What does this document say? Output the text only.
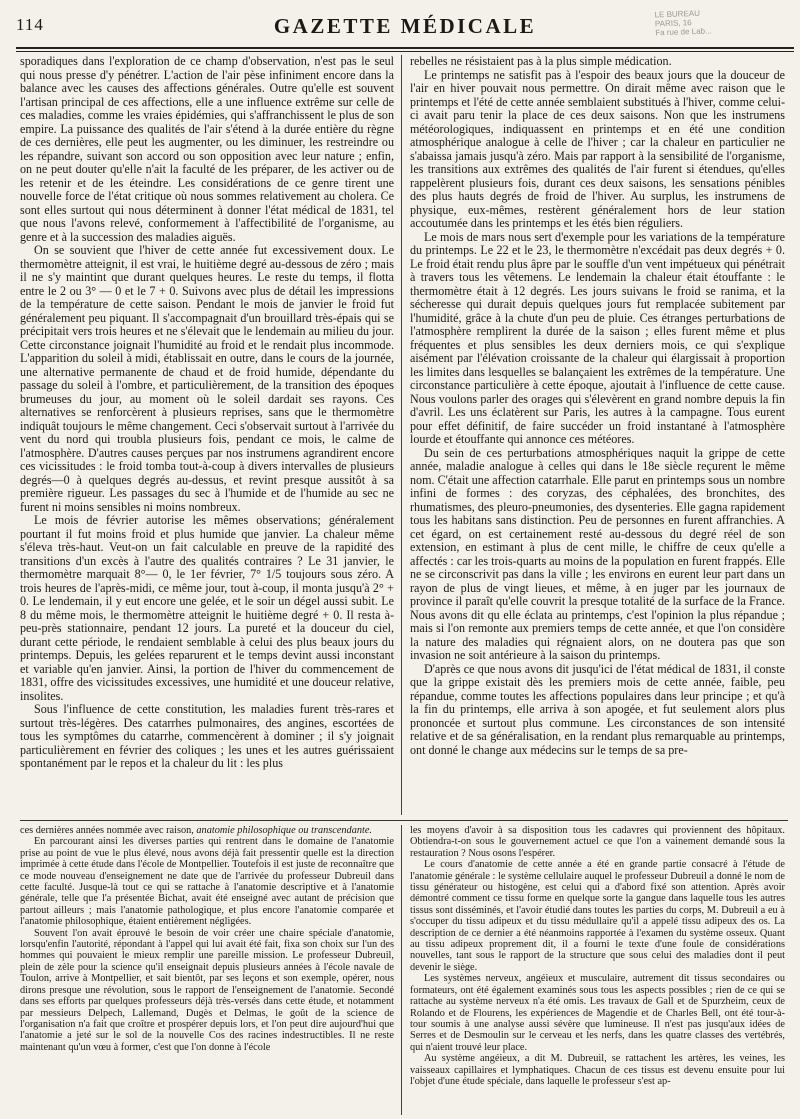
114	GAZETTE MÉDICALE	LE BUREAU
PARIS, 16
Fa rue de Lab...

sporadiques dans l'exploration de ce champ d'observation, n'est pas le seul qui nous presse d'y pénétrer. L'action de l'air pèse infiniment encore dans la balance avec les causes des affections générales. Outre qu'elle est souvent l'artisan principal de ces affections, elle a une influence extrême sur celle de ces maladies, comme les vraies épidémies, qui s'affranchissent le plus de son empire. La puissance des qualités de l'air s'étend à la durée entière du règne de ces dernières, elle peut les augmenter, ou les diminuer, les restreindre ou les répandre, suivant son accord ou son opposition avec leur nature ; enfin, on ne peut douter qu'elle n'ait la faculté de les préparer, de les activer ou de les retenir et de les éteindre. Les considérations de ce genre tirent une nouvelle force de l'état critique où nous sommes relativement au cholera. Ce sont elles surtout qui nous déterminent à donner l'état médical de 1831, tel que nous l'avons relevé, conformement à l'affectibilité de l'organisme, au genre et à la succession des maladies aiguës.

On se souvient que l'hiver de cette année fut excessivement doux. Le thermomètre atteignit, il est vrai, le huitième degré au-dessous de zéro ; mais il ne s'y maintint que durant quelques heures. Le reste du temps, il flotta entre le 2 ou 3° — 0 et le 7 + 0. Suivons avec plus de détail les impressions de la température de cette saison. Pendant le mois de janvier le froid fut généralement peu piquant. Il s'accompagnait d'un brouillard très-épais qui se précipitait vers trois heures et ne s'élevait que le lendemain au milieu du jour. Cette circonstance joignait l'humidité au froid et le rendait plus incommode. L'apparition du soleil à midi, établissait en outre, dans le cours de la journée, une alternative permanente de chaud et de froid humide, dépendante du passage du soleil à l'ombre, et particulièrement, de la transition des époques brumeuses du jour, au moment où le soleil dardait ses rayons. Ces alternatives se renforcèrent à plusieurs reprises, sans que le thermomètre indiquât toujours le même changement. Ceci s'observait surtout à l'arrivée du vent du nord qui troubla plusieurs fois, pendant ce mois, le calme de l'atmosphère. D'autres causes perçues par nos instrumens agrandirent encore ces vicissitudes : le froid tomba tout-à-coup à divers intervalles de plusieurs degrés—0 à quelques degrés au-dessus, et revint presque aussitôt à sa première rigueur. Les passages du sec à l'humide et de l'humide au sec ne furent ni moins sensibles ni moins nombreux.

Le mois de février autorise les mêmes observations; généralement pourtant il fut moins froid et plus humide que janvier. La chaleur même s'éleva très-haut. Veut-on un fait calculable en preuve de la rapidité des transitions d'un excès à l'autre des qualités contraires ? Le 31 janvier, le thermomètre marquait 8°— 0, le 1er février, 7° 1/5 toujours sous zéro. A trois heures de l'après-midi, ce même jour, tout à-coup, il monta jusqu'à 2° + 0. Le lendemain, il y eut encore une gelée, et le soir un dégel aussi subit. Le 8 du même mois, le thermomètre atteignit le huitième degré + 0. Il resta à-peu-près stationnaire, pendant 12 jours. La pureté et la douceur du ciel, durant cette période, le rendaient semblable à celui des plus beaux jours du printemps. Depuis, les gelées reparurent et le temps devint aussi inconstant et variable qu'en janvier. Ainsi, la portion de l'hiver du commencement de 1831, offre des vicissitudes excessives, une humidité et une douceur relative, insolites.

Sous l'influence de cette constitution, les maladies furent très-rares et surtout très-légères. Des catarrhes pulmonaires, des angines, escortées de tous les symptômes du catarrhe, commencèrent à dominer ; il s'y joignait particulièrement en février des coliques ; les unes et les autres guérissaient spontanément par le repos et la chaleur du lit : les plus

rebelles ne résistaient pas à la plus simple médication.

Le printemps ne satisfit pas à l'espoir des beaux jours que la douceur de l'air en hiver pouvait nous permettre. On dirait même avec raison que le printemps et l'été de cette année semblaient substitués à l'hiver, comme celui-ci avait paru tenir la place de ces deux saisons. Non que les instrumens météorologiques, indiquassent en printemps et en été une condition atmosphérique analogue à celle de l'hiver ; car la chaleur en particulier ne s'abaissa jamais jusqu'à zéro. Mais par rapport à la sensibilité de l'organisme, les transitions aux extrêmes des qualités de l'air furent si étendues, qu'elles rappelèrent plusieurs fois, durant ces deux saisons, les sensations pénibles des plus hauts degrés de froid de l'hiver. Au surplus, les instrumens de physique, eux-mêmes, restèrent généralement hors de leur station accoutumée dans les printemps et les étés bien réguliers.

Le mois de mars nous sert d'exemple pour les variations de la température du printemps. Le 22 et le 23, le thermomètre n'excédait pas deux degrés + 0. Le froid était rendu plus âpre par le souffle d'un vent impétueux qui pénétrait à travers tous les vêtemens. Le lendemain la chaleur était étouffante : le thermomètre était à 12 degrés. Les jours suivans le froid se ranima, et la sécheresse qui durait depuis quelques jours fut remplacée subitement par l'humidité, grâce à la chute d'un peu de pluie. Ces étranges perturbations de l'atmosphère remplirent la durée de la saison ; elles furent même et plus fréquentes et plus sensibles les deux derniers mois, ce qui s'explique aisément par l'élévation croissante de la chaleur qui élargissait à proportion les limites dans lesquelles se balançaient les extrêmes de la température. Une circonstance particulière à cette époque, ajoutait à l'influence de cette cause. Nous voulons parler des orages qui s'élevèrent en grand nombre depuis la fin d'avril. Les uns éclatèrent sur Paris, les autres à la campagne. Tous eurent pour effet définitif, de faire succéder un froid instantané à l'atmosphère lourde et étouffante qui annonce ces météores.

Du sein de ces perturbations atmosphériques naquit la grippe de cette année, maladie analogue à celles qui dans le 18e siècle reçurent le même nom. C'était une affection catarrhale. Elle parut en printemps sous un nombre infini de formes : des coryzas, des céphalées, des bronchites, des rhumatismes, des pleuro-pneumonies, des dysenteries. Elle gagna rapidement tous les habitans sans distinction. Peu de personnes en furent affranchies. A cet égard, on est certainement resté au-dessous du degré réel de son extension, en estimant à plus de cent mille, le chiffre de ceux qu'elle a affectés : car les trois-quarts au moins de la population en furent frappés. Elle ne se circonscrivit pas dans la ville ; les environs en eurent leur part dans un rayon de plus de vingt lieues, et même, à en juger par les journaux de province il paraît qu'elle couvrit la presque totalité de la surface de la France. Nous avons dit qu elle éclata au printemps, c'est l'opinion la plus répandue ; mais si l'on remonte aux premiers temps de cette année, et que l'on considère la nature des maladies qui régnaient alors, on ne doutera pas que son invasion ne soit antérieure à la saison du printemps.

D'après ce que nous avons dit jusqu'ici de l'état médical de 1831, il conste que la grippe existait dès les premiers mois de cette année, faible, peu répandue, comme toutes les affections populaires dans leur principe ; et qu'à la fin du printemps, elle arriva à son apogée, et fut seulement alors plus prononcée et surtout plus commune. Les circonstances de son intensité relative et de sa généralisation, en la rendant plus remarquable au printemps, ont donné le change aux médecins sur le temps de sa pre-

ces dernières années nommée avec raison, anatomie philosophique ou transcendante.

En parcourant ainsi les diverses parties qui rentrent dans le domaine de l'anatomie prise au point de vue le plus élevé, nous avons déjà fait pressentir quelle est la direction imprimée à cette étude dans l'école de Montpellier. Toutefois il est juste de reconnaître que ce mode nouveau d'enseignement ne date que de l'arrivée du professeur Dubreuil dans cette faculté. Jusque-là tout ce qui se rattache à l'anatomie descriptive et à l'anatomie générale, telle que l'a présentée Bichat, avait été enseigné avec autant de précision que partout ailleurs ; mais l'anatomie pathologique, et plus encore l'anatomie comparée et l'anatomie philosophique, étaient entièrement négligées.

Souvent l'on avait éprouvé le besoin de voir créer une chaire spéciale d'anatomie, lorsqu'enfin l'autorité, répondant à l'appel qui lui avait été fait, fixa son choix sur l'un des hommes qui pouvaient le mieux remplir une pareille mission. Le professeur Dubreuil, plein de zèle pour la science qu'il enseignait depuis plusieurs années à l'école navale de Toulon, arrive à Montpellier, et sait bientôt, par ses leçons et son exemple, opérer, nous dirons presque une révolution, sous le rapport de l'enseignement de l'anatomie. Secondé dans ses efforts par quelques professeurs déjà très-versés dans cette étude, et notamment par messieurs Delpech, Lallemand, Dugès et Delmas, le goût de la science de l'organisation n'a fait que croître et prospérer depuis lors, et l'on peut dire aujourd'hui que l'anatomie a jeté sur le sol de la nouvelle Cos des racines indestructibles. Il ne reste maintenant qu'un vœu à former, c'est que l'on donne à l'école

les moyens d'avoir à sa disposition tous les cadavres qui proviennent des hôpitaux. Obtiendra-t-on sous le gouvernement actuel ce que l'on a vainement demandé sous la restauration ? Nous osons l'espérer.

Le cours d'anatomie de cette année a été en grande partie consacré à l'étude de l'anatomie générale : le système cellulaire auquel le professeur Dubreuil a donné le nom de tissu générateur ou histogène, est celui qui a d'abord fixé son attention. Après avoir démontré comment ce tissu forme en quelque sorte la gangue dans laquelle tous les autres tissus sont disséminés, et l'avoir étudié dans toutes les parties du corps, M. Dubreuil a eu à s'occuper du tissu adipeux et du tissu médullaire qu'il a appelé tissu adipeux des os. La description de ce dernier a été néanmoins rapportée à l'examen du système osseux. Quant au tissu adipeux proprement dit, il a fourni le texte d'une foule de considérations nouvelles, tant sous le rapport de la structure que sous celui des maladies dont il peut devenir le siège.

Les systèmes nerveux, angéieux et musculaire, autrement dit tissus secondaires ou formateurs, ont été également examinés sous tous les aspects possibles ; rien de ce qui se rattache au système nerveux n'a été omis. Les travaux de Gall et de Spurzheim, ceux de Rolando et de Flourens, les expériences de Magendie et de Charles Bell, ont été tour-à-tour soumis à une analyse aussi sévère que lumineuse. Il n'est pas jusqu'aux idées de Serres et de Desmoulin sur le cerveau et les nerfs, dans les quatre classes des vertébrés, qui n'aient trouvé leur place.

Au système angéieux, a dit M. Dubreuil, se rattachent les artères, les veines, les vaisseaux capillaires et lymphatiques. Chacun de ces tissus est devenu ensuite pour lui l'objet d'une étude spéciale, dans laquelle le professeur s'est ap-
